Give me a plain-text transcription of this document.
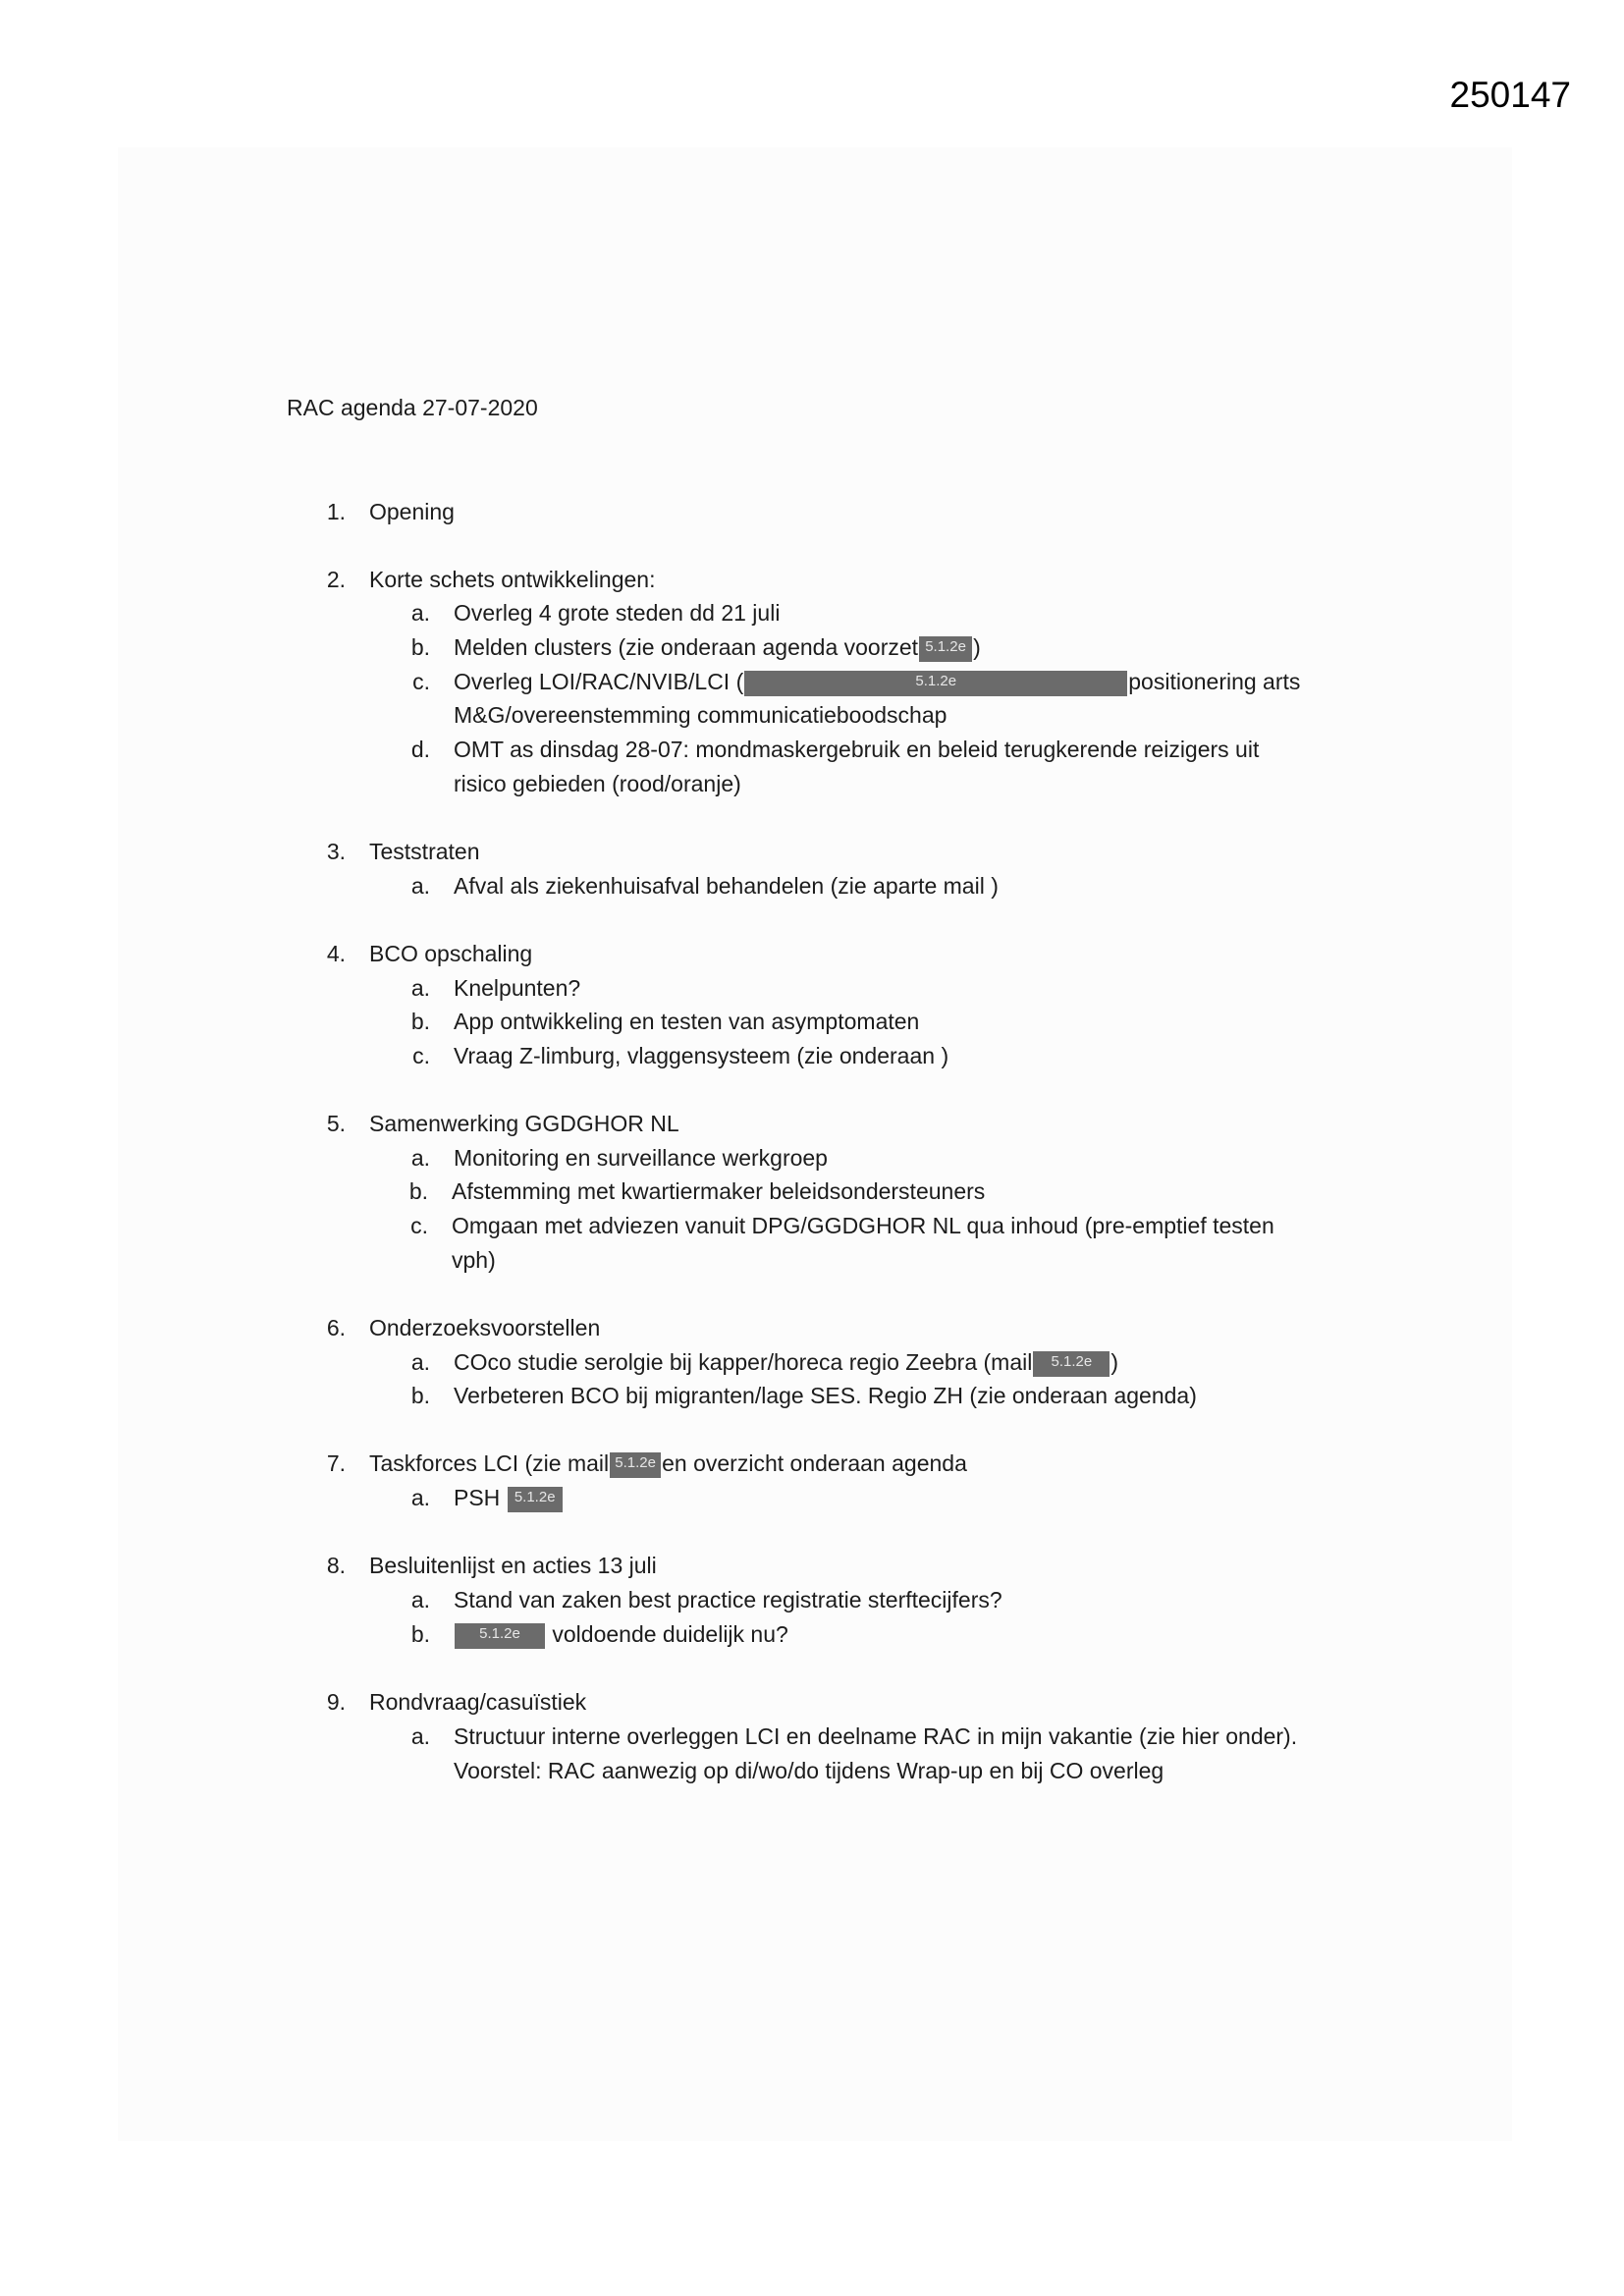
250147
RAC agenda 27-07-2020
1. Opening
2. Korte schets ontwikkelingen:
a. Overleg 4 grote steden dd 21 juli
b. Melden clusters (zie onderaan agenda voorzet 5.1.2e )
c. Overleg LOI/RAC/NVIB/LCI (	5.1.2e	positionering arts
M&G/overeenstemming communicatieboodschap
d. OMT as dinsdag 28-07: mondmaskergebruik en beleid terugkerende reizigers uit
risico gebieden (rood/oranje)
3. Teststraten
a. Afval als ziekenhuisafval behandelen (zie aparte mail )
4. BCO opschaling
a. Knelpunten?
b. App ontwikkeling en testen van asymptomaten
c. Vraag Z-limburg, vlaggensysteem (zie onderaan )
5. Samenwerking GGDGHOR NL
a. Monitoring en surveillance werkgroep
b. Afstemming met kwartiermaker beleidsondersteuners
c. Omgaan met adviezen vanuit DPG/GGDGHOR NL qua inhoud (pre-emptief testen
vph)
6. Onderzoeksvoorstellen
a. COco studie serolgie bij kapper/horeca regio Zeebra (mail 5.1.2e )
b. Verbeteren BCO bij migranten/lage SES. Regio ZH (zie onderaan agenda)
7. Taskforces LCI (zie mail 5.1.2e en overzicht onderaan agenda
a. PSH 5.1.2e
8. Besluitenlijst en acties 13 juli
a. Stand van zaken best practice registratie sterftecijfers?
b.	5.1.2e voldoende duidelijk nu?
9. Rondvraag/casuïstiek
a. Structuur interne overleggen LCI en deelname RAC in mijn vakantie (zie hier onder).
Voorstel: RAC aanwezig op di/wo/do tijdens Wrap-up en bij CO overleg
